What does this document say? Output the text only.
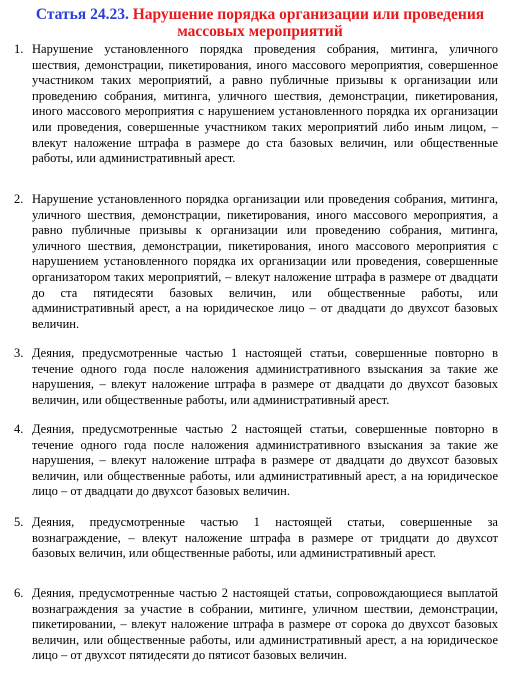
Статья 24.23. Нарушение порядка организации или проведения массовых мероприятий
1. Нарушение установленного порядка проведения собрания, митинга, уличного шествия, демонстрации, пикетирования, иного массового мероприятия, совершенное участником таких мероприятий, а равно публичные призывы к организации или проведению собрания, митинга, уличного шествия, демонстрации, пикетирования, иного массового мероприятия с нарушением установленного порядка их организации или проведения, совершенные участником таких мероприятий либо иным лицом, – влекут наложение штрафа в размере до ста базовых величин, или общественные работы, или административный арест.
2. Нарушение установленного порядка организации или проведения собрания, митинга, уличного шествия, демонстрации, пикетирования, иного массового мероприятия, а равно публичные призывы к организации или проведению собрания, митинга, уличного шествия, демонстрации, пикетирования, иного массового мероприятия с нарушением установленного порядка их организации или проведения, совершенные организатором таких мероприятий, – влекут наложение штрафа в размере от двадцати до ста пятидесяти базовых величин, или общественные работы, или административный арест, а на юридическое лицо – от двадцати до двухсот базовых величин.
3. Деяния, предусмотренные частью 1 настоящей статьи, совершенные повторно в течение одного года после наложения административного взыскания за такие же нарушения, – влекут наложение штрафа в размере от двадцати до двухсот базовых величин, или общественные работы, или административный арест.
4. Деяния, предусмотренные частью 2 настоящей статьи, совершенные повторно в течение одного года после наложения административного взыскания за такие же нарушения, – влекут наложение штрафа в размере от двадцати до двухсот базовых величин, или общественные работы, или административный арест, а на юридическое лицо – от двадцати до двухсот базовых величин.
5. Деяния, предусмотренные частью 1 настоящей статьи, совершенные за вознаграждение, – влекут наложение штрафа в размере от тридцати до двухсот базовых величин, или общественные работы, или административный арест.
6. Деяния, предусмотренные частью 2 настоящей статьи, сопровождающиеся выплатой вознаграждения за участие в собрании, митинге, уличном шествии, демонстрации, пикетировании, – влекут наложение штрафа в размере от сорока до двухсот базовых величин, или общественные работы, или административный арест, а на юридическое лицо – от двухсот пятидесяти до пятисот базовых величин.
